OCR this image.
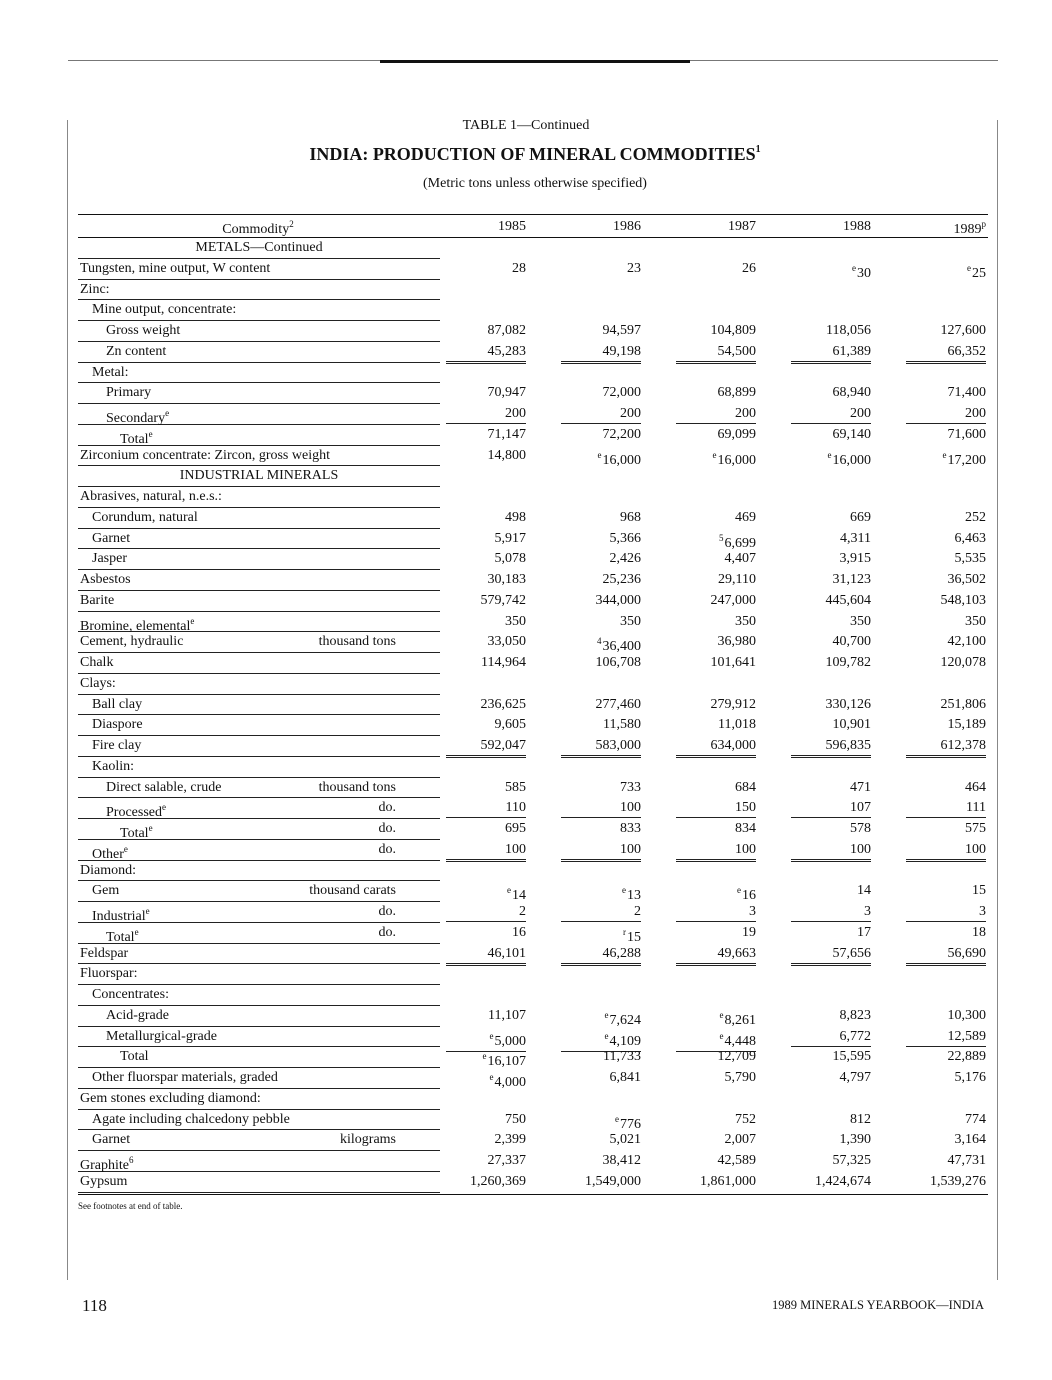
TABLE 1—Continued
INDIA: PRODUCTION OF MINERAL COMMODITIES$^1$
(Metric tons unless otherwise specified)
Commodity$^2$	1985	1986	1987	1988	1989$^p$
METALS—Continued
Tungsten, mine output, W content	28	23	26	$^e$30	$^e$25
Zinc:
Mine output, concentrate:
Gross weight	87,082	94,597	104,809	118,056	127,600
Zn content	45,283	49,198	54,500	61,389	66,352
Metal:
Primary	70,947	72,000	68,899	68,940	71,400
Secondary$^e$	200	200	200	200	200
Total$^e$	71,147	72,200	69,099	69,140	71,600
Zirconium concentrate: Zircon, gross weight	14,800	$^e$16,000	$^e$16,000	$^e$16,000	$^e$17,200
INDUSTRIAL MINERALS
Abrasives, natural, n.e.s.:
Corundum, natural	498	968	469	669	252
Garnet	5,917	5,366	$^5$6,699	4,311	6,463
Jasper	5,078	2,426	4,407	3,915	5,535
Asbestos	30,183	25,236	29,110	31,123	36,502
Barite	579,742	344,000	247,000	445,604	548,103
Bromine, elemental$^e$	350	350	350	350	350
Cement, hydraulic	thousand tons	33,050	$^4$36,400	36,980	40,700	42,100
Chalk	114,964	106,708	101,641	109,782	120,078
Clays:
Ball clay	236,625	277,460	279,912	330,126	251,806
Diaspore	9,605	11,580	11,018	10,901	15,189
Fire clay	592,047	583,000	634,000	596,835	612,378
Kaolin:
Direct salable, crude	thousand tons	585	733	684	471	464
Processed$^e$	do.	110	100	150	107	111
Total$^e$	do.	695	833	834	578	575
Other$^e$	do.	100	100	100	100	100
Diamond:
Gem	thousand carats	$^e$14	$^e$13	$^e$16	14	15
Industrial$^e$	do.	2	2	3	3	3
Total$^e$	do.	16	$^r$15	19	17	18
Feldspar	46,101	46,288	49,663	57,656	56,690
Fluorspar:
Concentrates:
Acid-grade	11,107	$^e$7,624	$^e$8,261	8,823	10,300
Metallurgical-grade	$^e$5,000	$^e$4,109	$^e$4,448	6,772	12,589
Total	$^e$16,107	11,733	12,709	15,595	22,889
Other fluorspar materials, graded	$^e$4,000	6,841	5,790	4,797	5,176
Gem stones excluding diamond:
Agate including chalcedony pebble	750	$^e$776	752	812	774
Garnet	kilograms	2,399	5,021	2,007	1,390	3,164
Graphite$^6$	27,337	38,412	42,589	57,325	47,731
Gypsum	1,260,369	1,549,000	1,861,000	1,424,674	1,539,276
See footnotes at end of table.
118	1989 MINERALS YEARBOOK—INDIA
